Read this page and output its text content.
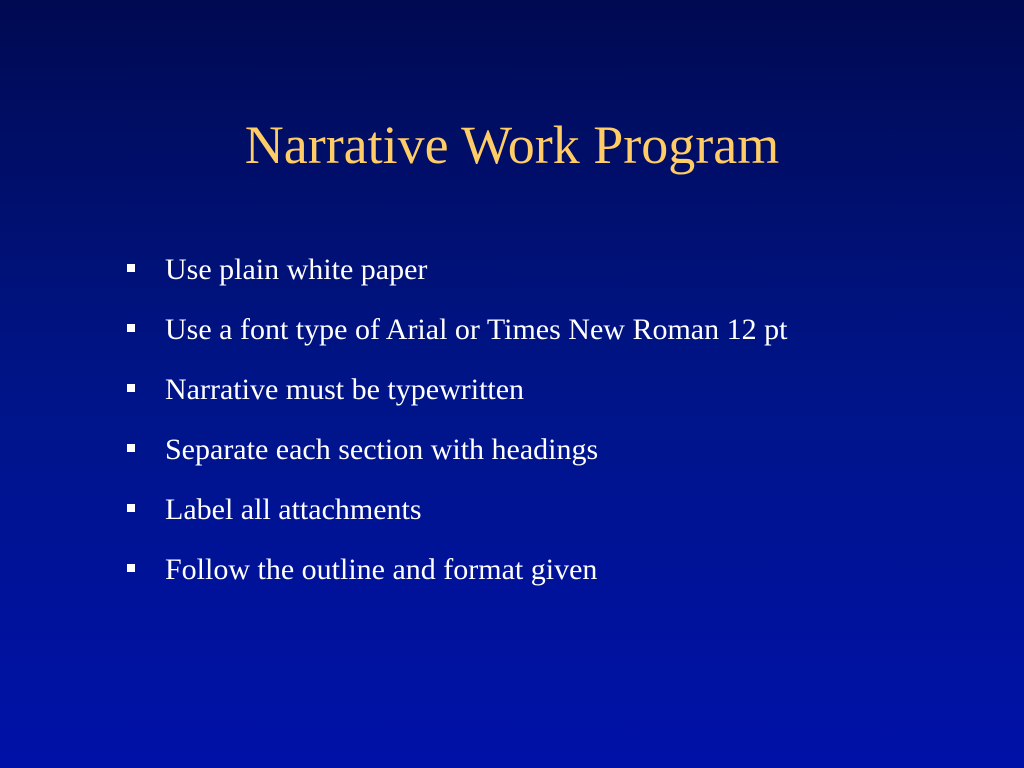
Narrative Work Program
Use plain white paper
Use a font type of Arial or Times New Roman 12 pt
Narrative must be typewritten
Separate each section with headings
Label all attachments
Follow the outline and format given
